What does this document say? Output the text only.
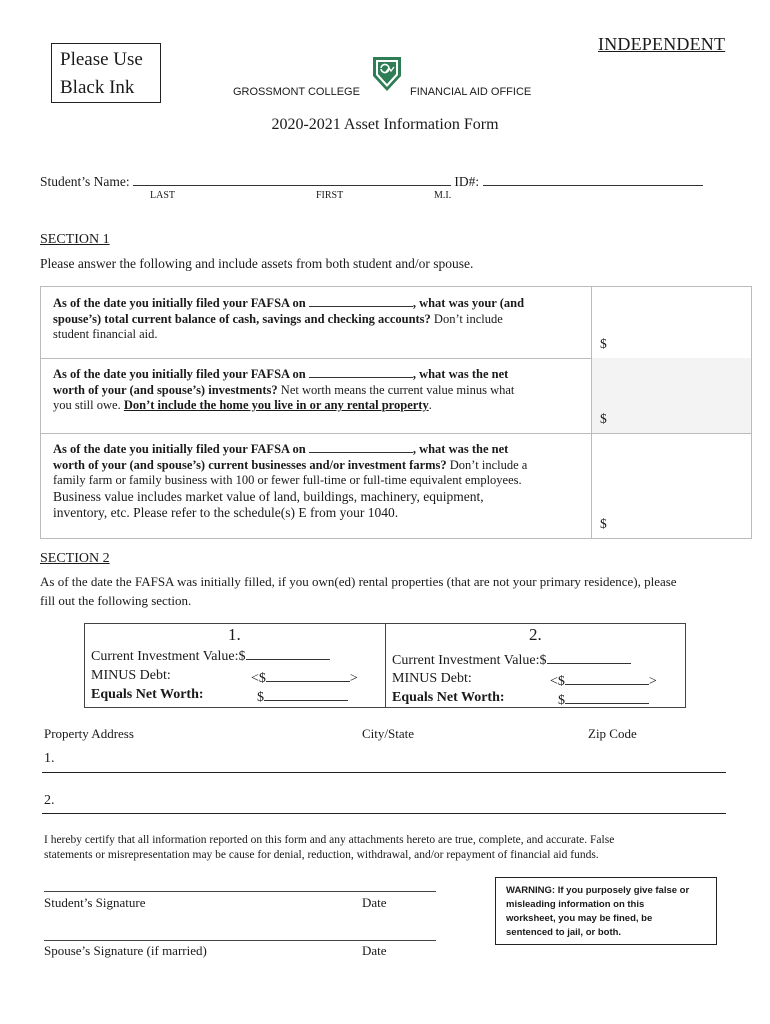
Please Use
Black Ink
INDEPENDENT
GROSSMONT COLLEGE	FINANCIAL AID OFFICE
2020-2021 Asset Information Form
Student’s Name:	ID#:
LAST	FIRST	M.I.
SECTION 1
Please answer the following and include assets from both student and/or spouse.
As of the date you initially filed your FAFSA on	, what was your (and
spouse’s) total current balance of cash, savings and checking accounts? Don’t include
student financial aid.
$
As of the date you initially filed your FAFSA on	, what was the net
worth of your (and spouse’s) investments? Net worth means the current value minus what
you still owe. Don’t include the home you live in or any rental property.
$
As of the date you initially filed your FAFSA on	, what was the net
worth of your (and spouse’s) current businesses and/or investment farms? Don’t include a
family farm or family business with 100 or fewer full-time or full-time equivalent employees.
Business value includes market value of land, buildings, machinery, equipment,
inventory, etc. Please refer to the schedule(s) E from your 1040.
$
SECTION 2
As of the date the FAFSA was initially filled, if you own(ed) rental properties (that are not your primary residence), please
fill out the following section.
1.
Current Investment Value:$
MINUS Debt:	<$	>
Equals Net Worth:	$
2.
Current Investment Value:$
MINUS Debt:	<$	>
Equals Net Worth:	$
Property Address	City/State	Zip Code
1.
2.
I hereby certify that all information reported on this form and any attachments hereto are true, complete, and accurate. False
statements or misrepresentation may be cause for denial, reduction, withdrawal, and/or repayment of financial aid funds.
Student’s Signature	Date
Spouse’s Signature (if married)	Date
WARNING: If you purposely give false or
misleading information on this
worksheet, you may be fined, be
sentenced to jail, or both.
